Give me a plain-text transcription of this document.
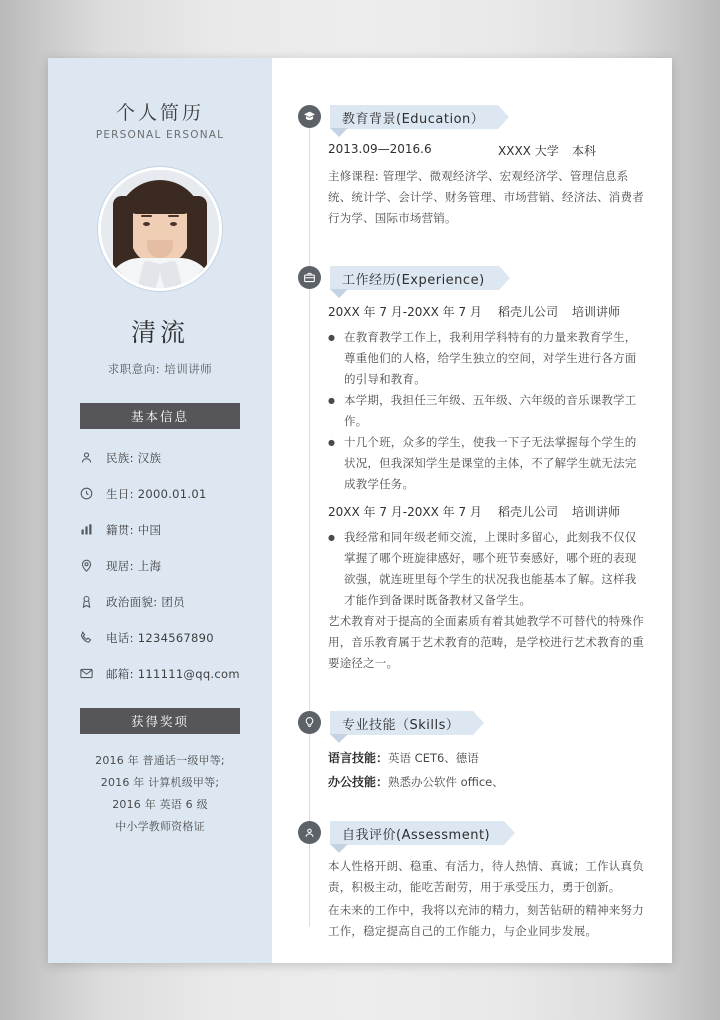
个人简历
PERSONAL ERSONAL
清流
求职意向: 培训讲师
基本信息
民族: 汉族
生日: 2000.01.01
籍贯: 中国
现居: 上海
政治面貌: 团员
电话: 1234567890
邮箱: 111111@qq.com
获得奖项
2016 年 普通话一级甲等;
2016 年 计算机级甲等;
2016 年 英语 6 级
中小学教师资格证
教育背景(Education）
2013.09—2016.6	XXXX 大学	本科

主修课程: 管理学、微观经济学、宏观经济学、管理信息系统、统计学、会计学、财务管理、市场营销、经济法、消费者行为学、国际市场营销。

工作经历(Experience)
20XX 年 7 月-20XX 年 7 月	稻壳儿公司	培训讲师

● 在教育教学工作上，我利用学科特有的力量来教育学生，尊重他们的人格，给学生独立的空间，对学生进行各方面的引导和教育。

● 本学期，我担任三年级、五年级、六年级的音乐课教学工作。

● 十几个班，众多的学生，使我一下子无法掌握每个学生的状况，但我深知学生是课堂的主体，不了解学生就无法完成教学任务。

20XX 年 7 月-20XX 年 7 月	稻壳儿公司	培训讲师

● 我经常和同年级老师交流，上课时多留心，此刻我不仅仅掌握了哪个班旋律感好，哪个班节奏感好，哪个班的表现欲强，就连班里每个学生的状况我也能基本了解。这样我才能作到备课时既备教材又备学生。

艺术教育对于提高的全面素质有着其她教学不可替代的特殊作用，音乐教育属于艺术教育的范畴，是学校进行艺术教育的重要途径之一。

专业技能（Skills）
语言技能：英语 CET6、德语
办公技能：熟悉办公软件 office、
自我评价(Assessment)

本人性格开朗、稳重、有活力，待人热情、真诚；工作认真负责，积极主动，能吃苦耐劳，用于承受压力，勇于创新。

在未来的工作中，我将以充沛的精力，刻苦钻研的精神来努力工作，稳定提高自己的工作能力，与企业同步发展。
